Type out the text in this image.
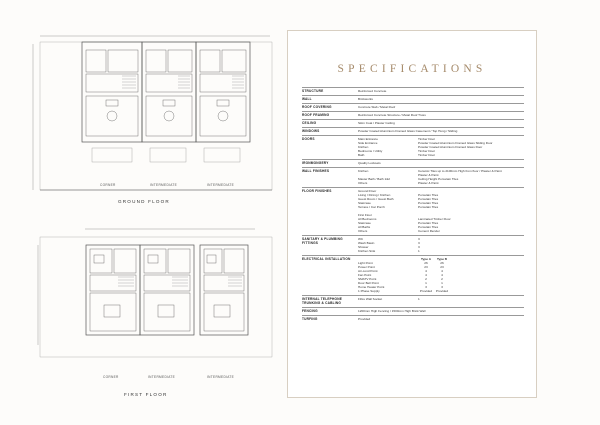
CORNER	INTERMEDIATE	INTERMEDIATE
GROUND FLOOR
CORNER	INTERMEDIATE	INTERMEDIATE
FIRST FLOOR
SPECIFICATIONS
STRUCTURE	Reinforced Concrete
WALL	Brickworks
ROOF COVERING	Concrete Slab / Metal Roof
ROOF FRAMING	Reinforced Concrete Structure / Metal Roof Truss
CEILING	Skim Coat / Plaster Ceiling
WINDOWS	Powder Coated Aluminium Framed Glass Casement / Top Hung / Sliding
DOORS	Main Entrance	Timber Door
Side Entrance	Powder Coated Aluminium Framed Glass Sliding Door
Kitchen	Powder Coated Aluminium Framed Glass Door
Bedrooms / Utility	Timber Door
Bath	Timber Door
IRONMONGERY	Quality Locksets
WALL FINISHES	Kitchen	Ceramic Tiles up to 2100mm High from floor / Plaster & Paint
Plaster & Paint
Master Bath / Bath 1&2	Ceiling Height Porcelain Tiles
Others	Plaster & Paint
FLOOR FINISHES	Ground Floor
Living / Dining / Kitchen	Porcelain Tiles
Guest Room / Guest Bath	Porcelain Tiles
Staircase	Porcelain Tiles
Terrace / Car Porch	Porcelain Tiles
First Floor
All Bedrooms	Laminated Timber Floor
Staircase	Porcelain Tiles
All Baths	Porcelain Tiles
Others	Cement Render
SANITARY & PLUMBING FITTINGS
WC	3
Wash Basin	3
Shower	3
Kitchen Sink	1
ELECTRICAL INSTALLATION	Type A	Type B
Light Point	26	26
Power Point	23	23
Air-cond Point	4	4
Fan Point	4	4
SMATV Point	2	2
Door Bell Point	1	1
Home Heater Point	3	3
1 Phase Supply	Provided	Provided
INTERNAL TELEPHONE TRUNKING & CABLING
Fibre Wall Socket	1
FENCING	1200mm High Fencing / 1500mm High Brick Wall
TURFING	Provided
